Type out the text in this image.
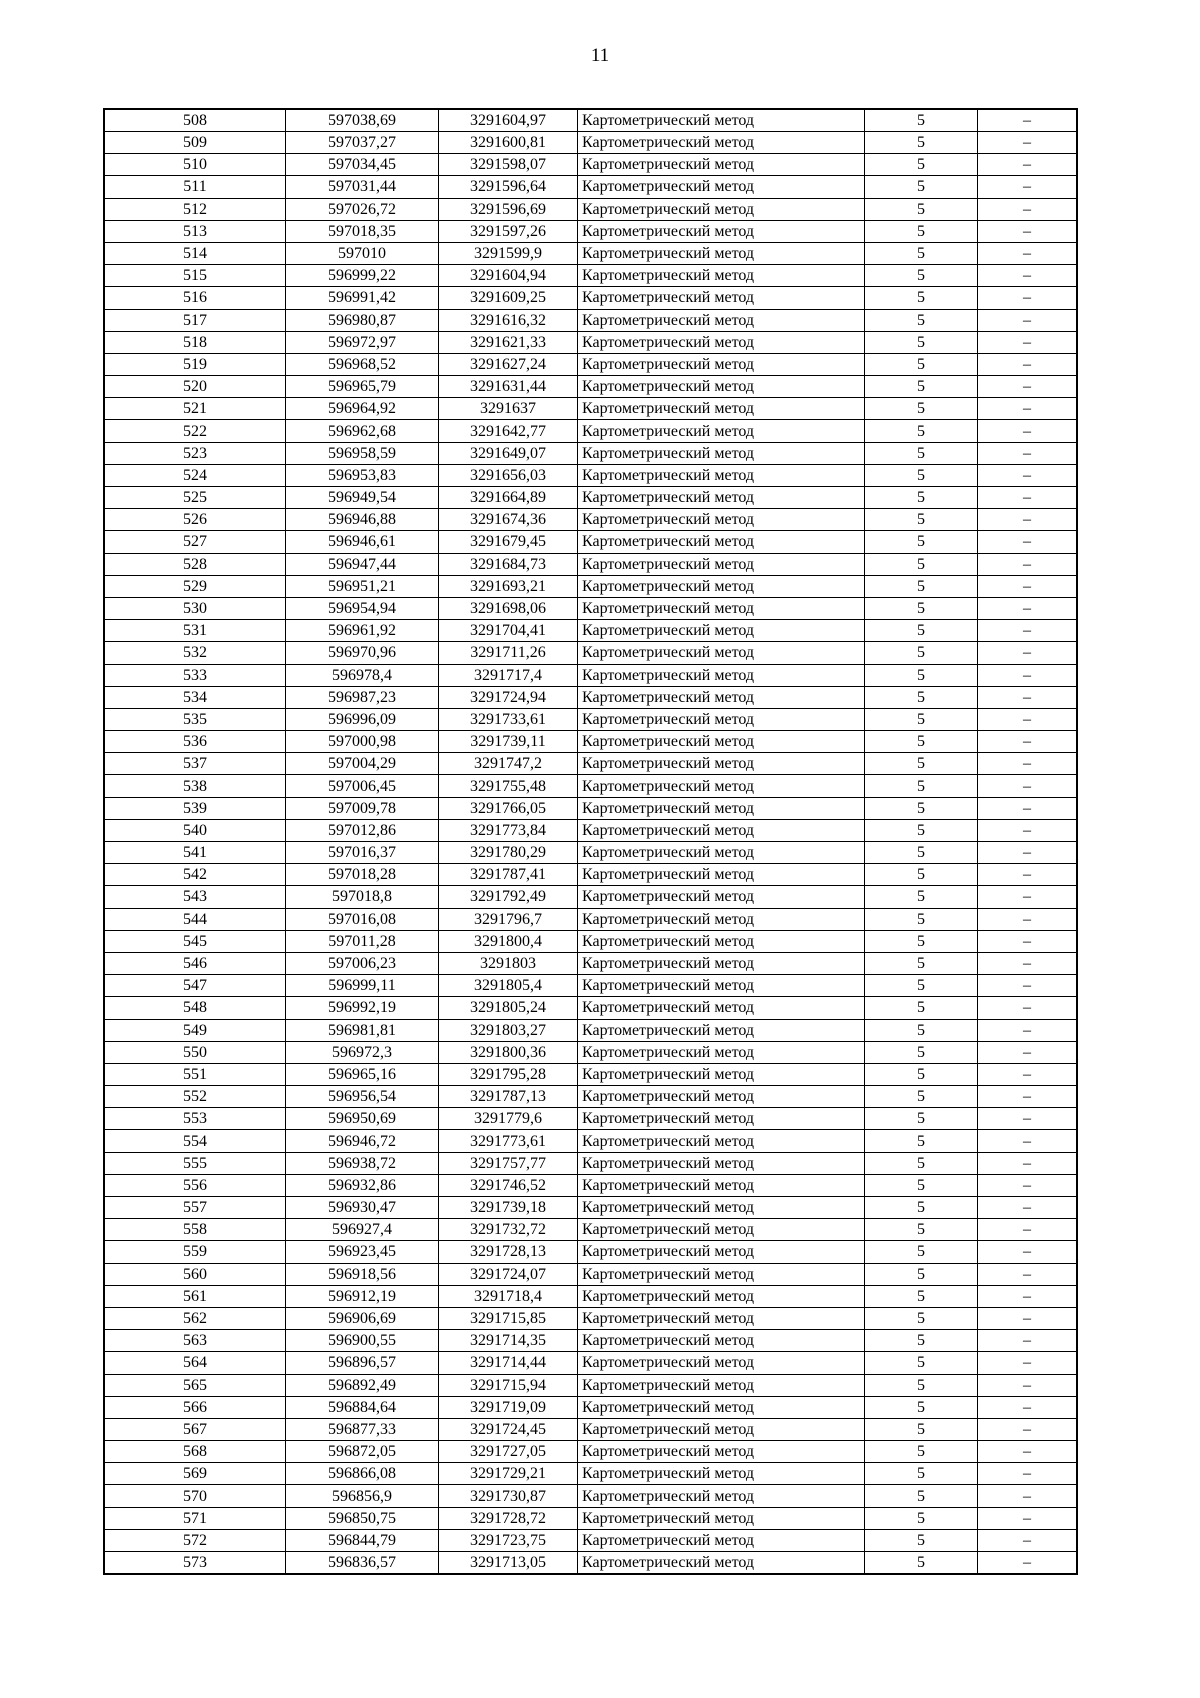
11
508	597038,69	3291604,97	Картометрический метод	5	–
509	597037,27	3291600,81	Картометрический метод	5	–
510	597034,45	3291598,07	Картометрический метод	5	–
511	597031,44	3291596,64	Картометрический метод	5	–
512	597026,72	3291596,69	Картометрический метод	5	–
513	597018,35	3291597,26	Картометрический метод	5	–
514	597010	3291599,9	Картометрический метод	5	–
515	596999,22	3291604,94	Картометрический метод	5	–
516	596991,42	3291609,25	Картометрический метод	5	–
517	596980,87	3291616,32	Картометрический метод	5	–
518	596972,97	3291621,33	Картометрический метод	5	–
519	596968,52	3291627,24	Картометрический метод	5	–
520	596965,79	3291631,44	Картометрический метод	5	–
521	596964,92	3291637	Картометрический метод	5	–
522	596962,68	3291642,77	Картометрический метод	5	–
523	596958,59	3291649,07	Картометрический метод	5	–
524	596953,83	3291656,03	Картометрический метод	5	–
525	596949,54	3291664,89	Картометрический метод	5	–
526	596946,88	3291674,36	Картометрический метод	5	–
527	596946,61	3291679,45	Картометрический метод	5	–
528	596947,44	3291684,73	Картометрический метод	5	–
529	596951,21	3291693,21	Картометрический метод	5	–
530	596954,94	3291698,06	Картометрический метод	5	–
531	596961,92	3291704,41	Картометрический метод	5	–
532	596970,96	3291711,26	Картометрический метод	5	–
533	596978,4	3291717,4	Картометрический метод	5	–
534	596987,23	3291724,94	Картометрический метод	5	–
535	596996,09	3291733,61	Картометрический метод	5	–
536	597000,98	3291739,11	Картометрический метод	5	–
537	597004,29	3291747,2	Картометрический метод	5	–
538	597006,45	3291755,48	Картометрический метод	5	–
539	597009,78	3291766,05	Картометрический метод	5	–
540	597012,86	3291773,84	Картометрический метод	5	–
541	597016,37	3291780,29	Картометрический метод	5	–
542	597018,28	3291787,41	Картометрический метод	5	–
543	597018,8	3291792,49	Картометрический метод	5	–
544	597016,08	3291796,7	Картометрический метод	5	–
545	597011,28	3291800,4	Картометрический метод	5	–
546	597006,23	3291803	Картометрический метод	5	–
547	596999,11	3291805,4	Картометрический метод	5	–
548	596992,19	3291805,24	Картометрический метод	5	–
549	596981,81	3291803,27	Картометрический метод	5	–
550	596972,3	3291800,36	Картометрический метод	5	–
551	596965,16	3291795,28	Картометрический метод	5	–
552	596956,54	3291787,13	Картометрический метод	5	–
553	596950,69	3291779,6	Картометрический метод	5	–
554	596946,72	3291773,61	Картометрический метод	5	–
555	596938,72	3291757,77	Картометрический метод	5	–
556	596932,86	3291746,52	Картометрический метод	5	–
557	596930,47	3291739,18	Картометрический метод	5	–
558	596927,4	3291732,72	Картометрический метод	5	–
559	596923,45	3291728,13	Картометрический метод	5	–
560	596918,56	3291724,07	Картометрический метод	5	–
561	596912,19	3291718,4	Картометрический метод	5	–
562	596906,69	3291715,85	Картометрический метод	5	–
563	596900,55	3291714,35	Картометрический метод	5	–
564	596896,57	3291714,44	Картометрический метод	5	–
565	596892,49	3291715,94	Картометрический метод	5	–
566	596884,64	3291719,09	Картометрический метод	5	–
567	596877,33	3291724,45	Картометрический метод	5	–
568	596872,05	3291727,05	Картометрический метод	5	–
569	596866,08	3291729,21	Картометрический метод	5	–
570	596856,9	3291730,87	Картометрический метод	5	–
571	596850,75	3291728,72	Картометрический метод	5	–
572	596844,79	3291723,75	Картометрический метод	5	–
573	596836,57	3291713,05	Картометрический метод	5	–
